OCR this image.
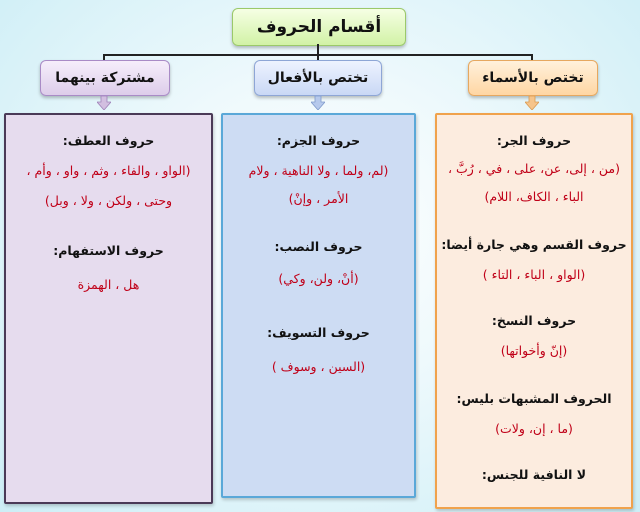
أقسام الحروف
تختص بالأسماء
تختص بالأفعال
مشتركة بينهما
حروف الجر:
(من ، إلى، عن، على ، في ، رُبَّ ،
الباء ، الكاف، اللام)
حروف القسم وهي جارة أيضا:
(الواو ، الباء ، التاء )
حروف النسخ:
(إنّ وأخواتها)
الحروف المشبهات بليس:
(ما ، إن، ولات)
لا النافية للجنس:
حروف الجزم:
(لم، ولما ، ولا الناهية ، ولام
الأمر ، وإنْ)
حروف النصب:
(أنْ، ولن، وكي)
حروف التسويف:
(السين ، وسوف )
حروف العطف:
(الواو ، والفاء ، وثم ، واو ، وأم ،
وحتى ، ولكن ، ولا ، وبل)
حروف الاستفهام:
هل ، الهمزة
